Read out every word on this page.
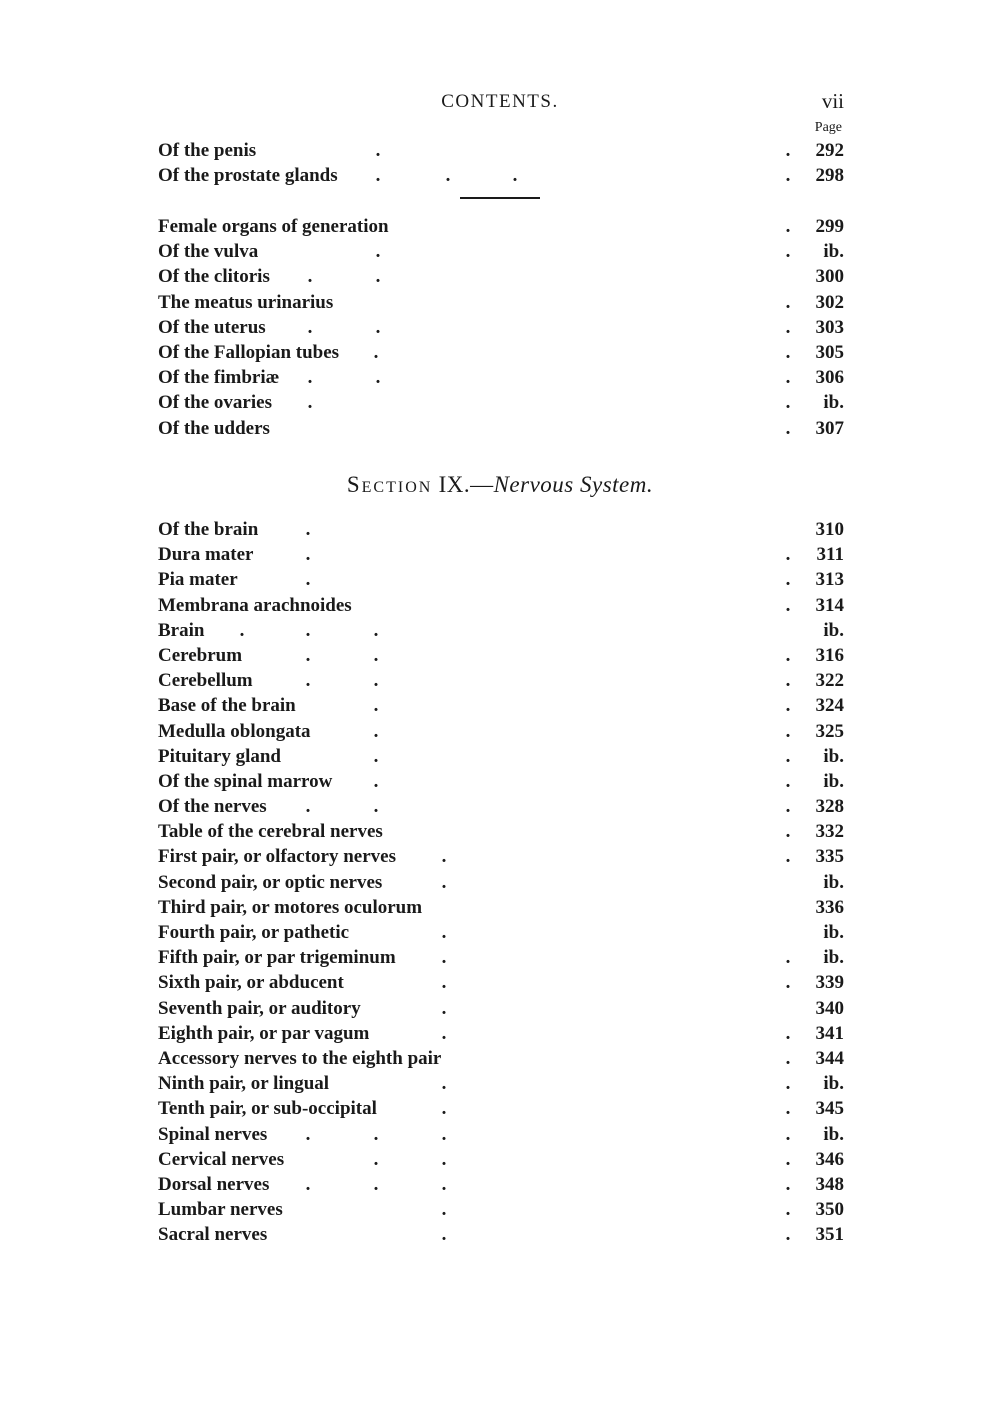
CONTENTS.	vii
Page
Of the penis	.	.	292
Of the prostate glands .	.	.	.	298
Female organs of generation	.	299
Of the vulva	.	.	ib.
Of the clitoris .	.	300
The meatus urinarius	.	302
Of the uterus .	.	.	303
Of the Fallopian tubes .	.	305
Of the fimbriæ .	.	.	306
Of the ovaries .	.	ib.
Of the udders	.	307
Section IX.—Nervous System.
Of the brain .	310
Dura mater	.	.	311
Pia mater	.	.	313
Membrana arachnoides	.	314
Brain .	.	.	ib.
Cerebrum	.	.	.	316
Cerebellum	.	.	.	322
Base of the brain	.	.	324
Medulla oblongata	.	.	325
Pituitary gland	.	.	ib.
Of the spinal marrow .	.	ib.
Of the nerves .	.	.	328
Table of the cerebral nerves	.	332
First pair, or olfactory nerves .	.	335
Second pair, or optic nerves	.	ib.
Third pair, or motores oculorum	336
Fourth pair, or pathetic	.	ib.
Fifth pair, or par trigeminum .	.	ib.
Sixth pair, or abducent	.	.	339
Seventh pair, or auditory	.	340
Eighth pair, or par vagum	.	.	341
Accessory nerves to the eighth pair	.	344
Ninth pair, or lingual	.	.	ib.
Tenth pair, or sub-occipital	.	.	345
Spinal nerves .	.	.	.	ib.
Cervical nerves	.	.	.	346
Dorsal nerves .	.	.	.	348
Lumbar nerves	.	.	350
Sacral nerves	.	.	351
